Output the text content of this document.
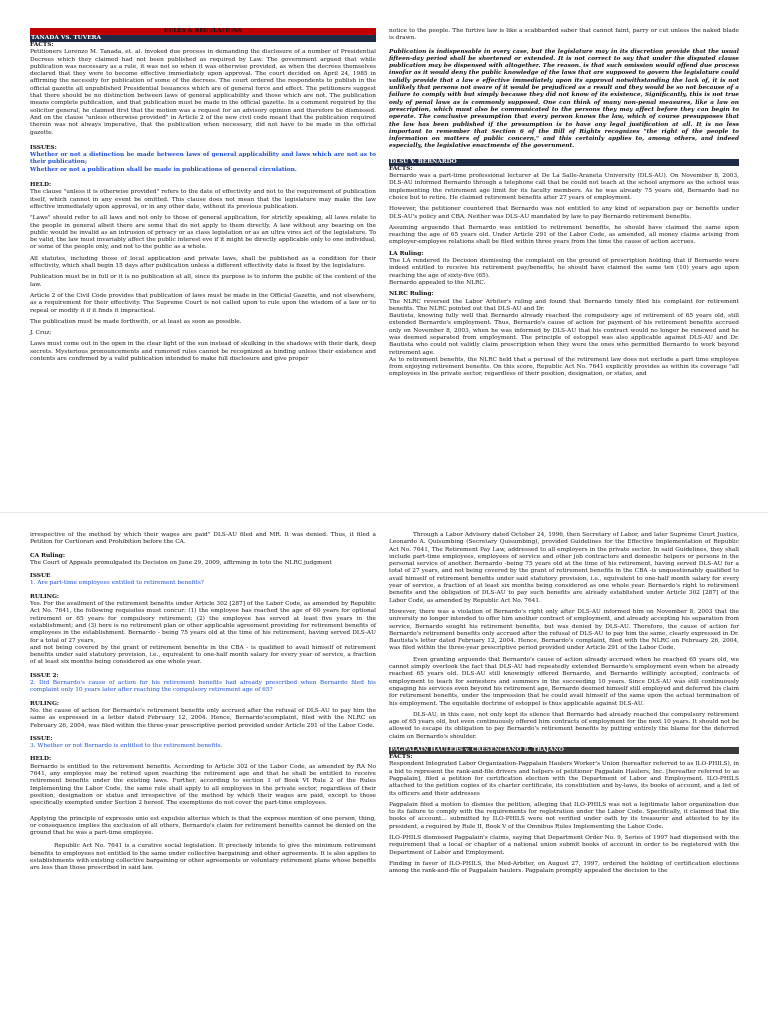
RULES & REGULATIONS
TANADA VS. TUVERA
FACTS:

Petitioners Lorenzo M. Tanada, et. al. invoked due process in demanding the disclosure of a number of Presidential Decrees which they claimed had not been published as required by Law. The government argued that while publication was necessary as a rule, it was not so when it was otherwise provided, as when the decrees themselves declared that they were to become effective immediately upon approval. The court decided on April 24, 1985 in affirming the necessity for publication of some of the decrees. The court ordered the respondents to publish in the official gazette all unpublished Presidential Issuances which are of general force and effect. The petitioners suggest that there should be no distinction between laws of general applicability and those which are not. The publication means complete publication, and that publication must be made in the official gazette. In a comment required by the solicitor general, he claimed first that the motion was a request for an advisory opinion and therefore be dismissed. And on the clause "unless otherwise provided" in Article 2 of the new civil code meant that the publication required therein was not always imperative, that the publication when necessary, did not have to be made in the official gazette.

ISSUES:
Whether or not a distinction be made between laws of general applicability and laws which are not as to their publication;

Whether or not a publication shall be made in publications of general circulation.

HELD:

The clause "unless it is otherwise provided" refers to the date of effectivity and not to the requirement of publication itself, which cannot in any event be omitted. This clause does not mean that the legislature may make the law effective immediately upon approval, or in any other date, without its previous publication.

"Laws" should refer to all laws and not only to those of general application, for strictly speaking, all laws relate to the people in general albeit there are some that do not apply to them directly. A law without any bearing on the public would be invalid as an intrusion of privacy or as class legislation or as an ultra vires act of the legislature. To be valid, the law must invariably affect the public interest eve if it might be directly applicable only to one individual, or some of the people only, and not to the public as a whole.

All statutes, including those of local application and private laws, shall be published as a condition for their effectivity, which shall begin 15 days after publication unless a different effectivity date is fixed by the legislature.

Publication must be in full or it is no publication at all, since its purpose is to inform the public of the content of the law.

Article 2 of the Civil Code provides that publication of laws must be made in the Official Gazette, and not elsewhere, as a requirement for their effectivity. The Supreme Court is not called upon to rule upon the wisdom of a law or to repeal or modify it if it finds it impractical.

The publication must be made forthwith, or at least as soon as possible.

J. Cruz:

Laws must come out in the open in the clear light of the sun instead of skulking in the shadows with their dark, deep secrets. Mysterious pronouncements and rumored rules cannot be recognized as binding unless their existence and contents are confirmed by a valid publication intended to make full disclosure and give proper

notice to the people. The furtive law is like a scabbarded saber that cannot faint, parry or cut unless the naked blade is drawn.

Publication is indispensable in every case, but the legislature may in its discretion provide that the usual fifteen-day period shall be shortened or extended. It is not correct to say that under the disputed clause publication may be dispensed with altogether. The reason. is that such omission would offend due process insofar as it would deny the public knowledge of the laws that are supposed to govern the legislature could validly provide that a law e effective immediately upon its approval notwithstanding the lack of, it is not unlikely that persons not aware of it would be prejudiced as a result and they would be so not because of a failure to comply with but simply because they did not know of its existence, Significantly, this is not true only of penal laws as is commonly supposed. One can think of many non-penal measures, like a law on prescription, which must also be communicated to the persons they may affect before they can begin to operate. The conclusive presumption that every person knows the law, which of course presupposes that the law has been published if the presumption is to have any legal justification at all. It is no less important to remember that Section 6 of the Bill of Rights recognizes "the right of the people to information on matters of public concern," and this certainly applies to, among others, and indeed especially, the legislative enactments of the government.

DLSU V. BERNARDO
FACTS:

Bernardo was a part-time professional lecturer at De La Salle-Araneta University (DLS-AU). On November 8, 2003, DLS-AU informed Bernardo through a telephone call that he could not teach at the school anymore as the school was implementing the retirement age limit for its faculty members. As he was already 75 years old, Bernardo had no choice but to retire. He claimed retirement benefits after 27 years of employment.

However, the petitioner countered that Bernardo was not entitled to any kind of separation pay or benefits under DLS-AU's policy and CBA. Neither was DLS-AU mandated by law to pay Bernardo retirement benefits.

Assuming arguendo that Bernardo was entitled to retirement benefits, he should have claimed the same upon reaching the age of 65 years old. Under Article 291 of the Labor Code, as amended, all money claims arising from employer-employee relations shall be filed within three years from the time the cause of action accrues.

LA Ruling:
The LA rendered its Decision dismissing the complaint on the ground of prescription holding that if Bernardo were indeed entitled to receive his retirement pay/benefits, he should have claimed the same ten (10) years ago upon reaching the age of sixty-five (65).

Bernardo appealed to the NLRC.

NLRC Ruling:
The NLRC reversed the Labor Arbiter's ruling and found that Bernardo timely filed his complaint for retirement benefits. The NLRC pointed out that DLS-AU and Dr.
Bautista, knowing fully well that Bernardo already reached the compulsory age of retirement of 65 years old, still extended Bernardo's employment. Thus, Bernardo's cause of action for payment of his retirement benefits accrued only on November 8, 2003, when he was informed by DLS-AU that his contract would no longer be renewed and he was deemed separated from employment. The principle of estoppel was also applicable against DLS-AU and Dr. Bautista who could not validly claim prescription when they were the ones who permitted Bernardo to work beyond retirement age.
As to retirement benefits, the NLRC held that a perusal of the retirement law does not exclude a part time employee from enjoying retirement benefits. On this score, Republic Act No. 7641 explicitly provides as within its coverage "all employees in the private sector, regardless of their position, designation, or status, and

irrespective of the method by which their wages are paid" DLS-AU filed and MR. It was denied. Thus, it filed a Petition for Certiorari and Prohibition before the CA.

CA Ruling:

The Court of Appeals promulgated its Decision on June 29, 2009, affirming in toto the NLRC judgment

ISSUE

1. Are part-time employees entitled to retirement benefits?

RULING:
Yes. For the availment of the retirement benefits under Article 302 [287] of the Labor Code, as amended by Republic Act No. 7641, the following requisites must concur: (1) the employee has reached the age of 60 years for optional retirement or 65 years for compulsory retirement; (2) the employee has served at least five years in the establishment; and (3) here is no retirement plan or other applicable agreement providing for retirement benefits of employees in the establishment. Bernardo - being 75 years old at the time of his retirement, having served DLS-AU for a total of 27 years,

and not being covered by the grant of retirement benefits in the CBA - is qualified to avail himself of retirement benefits under said statutory provision, i.e., equivalent to one-half month salary for every year of service, a fraction of at least six months being considered as one whole year.

ISSUE 2:

2. Did Bernardo's cause of action for his retirement benefits had already prescribed when Bernardo filed his complaint only 10 years later after reaching the compulsory retirement age of 65?

RULING:

No. the cause of action for Bernardo's retirement benefits only accrued after the refusal of DLS-AU to pay him the same as expressed in a letter dated February 12, 2004. Hence, Bernardo'scomplaint, filed with the NLRC on February 26, 2004, was filed within the three-year prescriptive period provided under Article 291 of the Labor Code.

ISSUE:

3. Whether or not Bernardo is entitled to the retirement benefits.

HELD:

Bernardo is entitled to the retirement benefits. According to Article 302 of the Labor Code, as amended by RA No 7641, any employee may be retired upon reaching the retirement age and that he shall be entitled to receive retirement benefits under the existing laws. Further, according to section 1 of Book VI Rule 2 of the Rules Implementing the Labor Code, the same rule shall apply to all employees in the private sector, regardless of their position, designation or status and irrespective of the method by which their wages are paid, except to those specifically exempted under Section 2 hereof. The exemptions do not cover the part-time employees.

Applying the principle of expressio unio est expulsio alterius which is that the express mention of one person, thing, or consequence implies the exclusion of all others, Bernardo's claim for retirement benefits cannot be denied on the ground that he was a part-time employee.

Republic Act No. 7641 is a curative social legislation. It precisely intends to give the minimum retirement benefits to employees not entitled to the same under collective bargaining and other agreements. It is also applies to establishments with existing collective bargaining or other agreements or voluntary retirement plans whose benefits are less than those prescribed in said law.

Through a Labor Advisory dated October 24, 1996, then Secretary of Labor, and later Supreme Court Justice, Leonardo A. Quisumbing (Secretary Quisumbing), provided Guidelines for the Effective Implementation of Republic Act No. 7641, The Retirement Pay Law, addressed to all employers in the private sector. In said Guidelines, they shall include part-time employees, employees of service and other job contractors and domestic helpers or persons in the personal service of another. Bernardo -being 75 years old at the time of his retirement, having served DLS-AU for a total of 27 years, and not being covered by the grant of retirement benefits in the CBA -is unquestionably qualified to avail himself of retirement benefits under said statutory provision, i.e., equivalent to one-half month salary for every year of service, a fraction of at least six months being considered as one whole year. Bernardo's right to retirement benefits and the obligation of DLS-AU to pay such benefits are already established under Article 302 [287] of the Labor Code, as amended by Republic Act No. 7641.

However, there was a violation of Bernardo's right only after DLS-AU informed him on November 8, 2003 that the university no longer intended to offer him another contract of employment, and already accepting his separation from service, Bernardo sought his retirement benefits, but was denied by DLS-AU. Therefore, the cause of action for Bernardo's retirement benefits only accrued after the refusal of DLS-AU to pay him the same, clearly expressed in Dr. Bautista's letter dated February 12, 2004. Hence, Bernardo's complaint, filed with the NLRC on February 26, 2004, was filed within the three-year prescriptive period provided under Article 291 of the Labor Code.

Even granting arguendo that Bernardo's cause of action already accrued when he reached 65 years old, we cannot simply overlook the fact that DLS-AU had repeatedly extended Bernardo's employment even when he already reached 65 years old. DLS-AU still knowingly offered Bernardo, and Bernardo willingly accepted, contracts of employment to teach for semesters and summers in the succeeding 10 years. Since DLS-AU was still continuously engaging his services even beyond his retirement age, Bernardo deemed himself still employed and deferred his claim for retirement benefits, under the impression that he could avail himself of the same upon the actual termination of his employment. The equitable doctrine of estoppel is thus applicable against DLS-AU.

DLS-AU, in this case, not only kept its silence that Bernardo had already reached the compulsory retirement age of 65 years old, but even continuously offered him contracts of employment for the next 10 years. It should not be allowed to escape its obligation to pay Bernardo's retirement benefits by putting entirely the blame for the deferred claim on Bernardo's shoulder.

PAGPALAIN HAULERS v. CRESENCIANO B. TRAJANO
FACTS:

Respondent Integrated Labor Organization-Pagpalain Haulers Worker's Union (hereafter referred to as ILO-PHILS), in a bid to represent the rank-and-file drivers and helpers of petitioner Pagpalain Haulers, Inc. [hereafter referred to as Pagpalain], filed a petition for certification election with the Department of Labor and Employment. ILO-PHILS attached to the petition copies of its charter certificate, its constitution and by-laws, its books of account, and a list of its officers and their addresses

Pagpalain filed a motion to dismiss the petition, alleging that ILO-PHILS was not a legitimate labor organization due to its failure to comply with the requirements for registration under the Labor Code. Specifically, it claimed that the books of account... submitted by ILO-PHILS were not verified under oath by its treasurer and attested to by its president, a required by Rule II, Book V of the Omnibus Rules Implementing the Labor Code.

ILO-PHILS dismissed Pagpalain's claims, saying that Department Order No. 9, Series of 1997 had dispensed with the requirement that a local or chapter of a national union submit books of account in order to be registered with the Department of Labor and Employment.

Finding in favor of ILO-PHILS, the Med-Arbiter, on August 27, 1997, ordered the holding of certification elections among the rank-and-file of Pagpalain haulers. Pagpalain promptly appealed the decision to the
